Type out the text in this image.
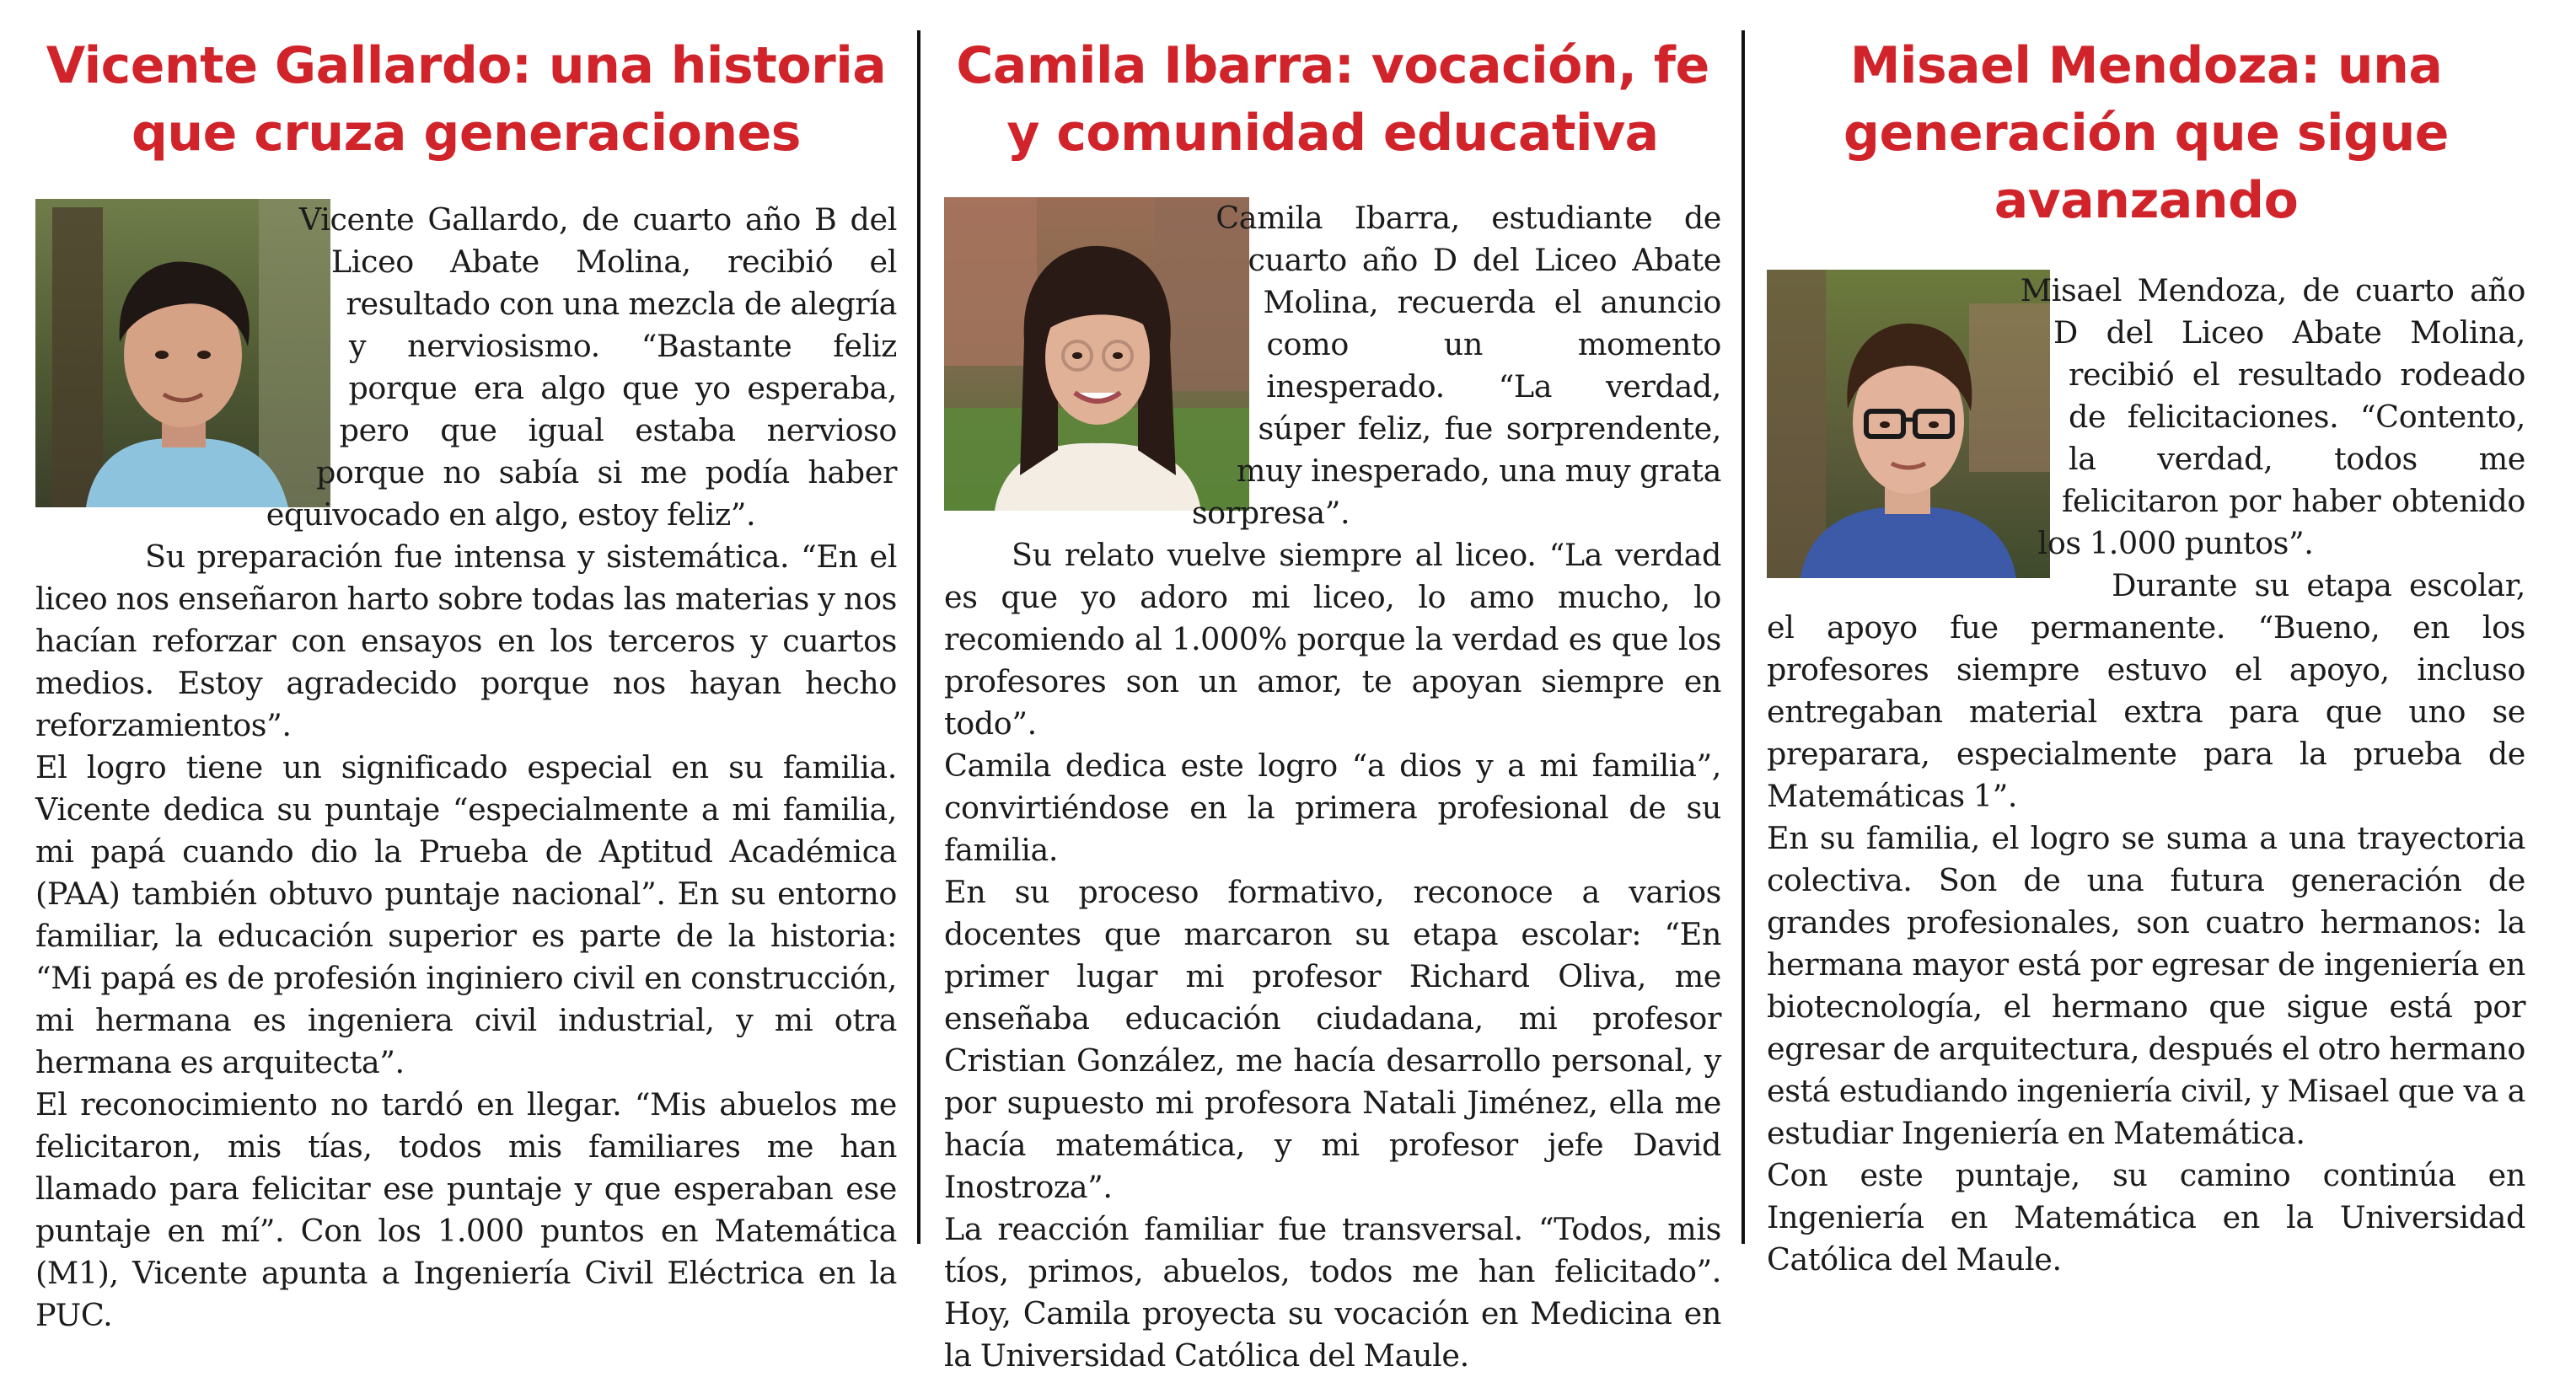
Vicente Gallardo: una historia que cruza generaciones

Vicente Gallardo, de cuarto año B del Liceo Abate Molina, recibió el resultado con una mezcla de alegría y nerviosismo. “Bastante feliz porque era algo que yo esperaba, pero que igual estaba nervioso porque no sabía si me podía haber equivocado en algo, estoy feliz”.

Su preparación fue intensa y sistemática. “En el liceo nos enseñaron harto sobre todas las materias y nos hacían reforzar con ensayos en los terceros y cuartos medios. Estoy agradecido porque nos hayan hecho reforzamientos”.

El logro tiene un significado especial en su familia. Vicente dedica su puntaje “especialmente a mi familia, mi papá cuando dio la Prueba de Aptitud Académica (PAA) también obtuvo puntaje nacional”. En su entorno familiar, la educación superior es parte de la historia: “Mi papá es de profesión inginiero civil en construcción, mi hermana es ingeniera civil industrial, y mi otra hermana es arquitecta”.

El reconocimiento no tardó en llegar. “Mis abuelos me felicitaron, mis tías, todos mis familiares me han llamado para felicitar ese puntaje y que esperaban ese puntaje en mí”. Con los 1.000 puntos en Matemática (M1), Vicente apunta a Ingeniería Civil Eléctrica en la PUC.

Camila Ibarra: vocación, fe y comunidad educativa

Camila Ibarra, estudiante de cuarto año D del Liceo Abate Molina, recuerda el anuncio como un momento inesperado. “La verdad, súper feliz, fue sorprendente, muy inesperado, una muy grata sorpresa”.

Su relato vuelve siempre al liceo. “La verdad es que yo adoro mi liceo, lo amo mucho, lo recomiendo al 1.000% porque la verdad es que los profesores son un amor, te apoyan siempre en todo”.

Camila dedica este logro “a dios y a mi familia”, convirtiéndose en la primera profesional de su familia.

En su proceso formativo, reconoce a varios docentes que marcaron su etapa escolar: “En primer lugar mi profesor Richard Oliva, me enseñaba educación ciudadana, mi profesor Cristian González, me hacía desarrollo personal, y por supuesto mi profesora Natali Jiménez, ella me hacía matemática, y mi profesor jefe David Inostroza”.

La reacción familiar fue transversal. “Todos, mis tíos, primos, abuelos, todos me han felicitado”. Hoy, Camila proyecta su vocación en Medicina en la Universidad Católica del Maule.

Misael Mendoza: una generación que sigue avanzando

Misael Mendoza, de cuarto año D del Liceo Abate Molina, recibió el resultado rodeado de felicitaciones. “Contento, la verdad, todos me felicitaron por haber obtenido los 1.000 puntos”.

Durante su etapa escolar, el apoyo fue permanente. “Bueno, en los profesores siempre estuvo el apoyo, incluso entregaban material extra para que uno se preparara, especialmente para la prueba de Matemáticas 1”.

En su familia, el logro se suma a una trayectoria colectiva. Son de una futura generación de grandes profesionales, son cuatro hermanos: la hermana mayor está por egresar de ingeniería en biotecnología, el hermano que sigue está por egresar de arquitectura, después el otro hermano está estudiando ingeniería civil, y Misael que va a estudiar Ingeniería en Matemática.

Con este puntaje, su camino continúa en Ingeniería en Matemática en la Universidad Católica del Maule.
